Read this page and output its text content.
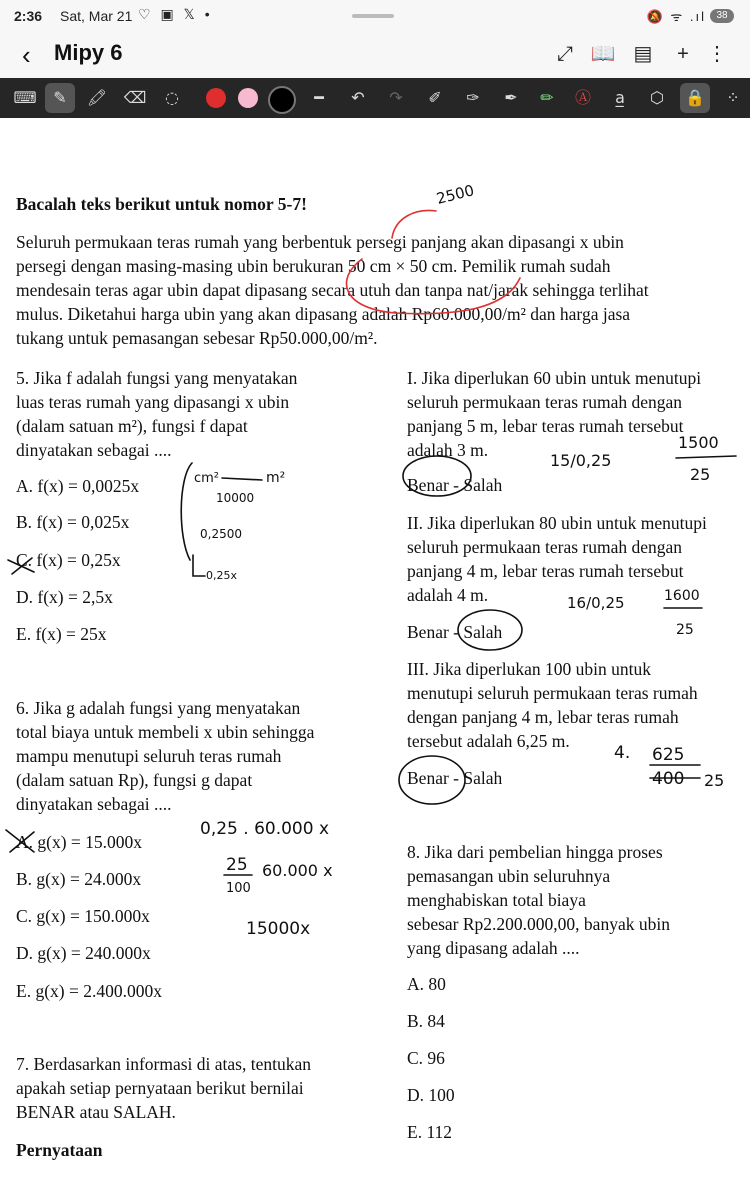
2:36 Sat, Mar 21 ♡ ▣ 𝕏 •	🔕 ᯤ .ıl	38
‹ Mipy 6	⤢ 📖 ▤	+ ⋮
⌨	✎	🖍	⌫	◌	━	↶	↷	✐	✑	✒	✏	Ⓐ	a̲	⬡	🔒	⁘
Bacalah teks berikut untuk nomor 5-7!
Seluruh permukaan teras rumah yang berbentuk persegi panjang akan dipasangi x ubin
persegi dengan masing-masing ubin berukuran 50 cm × 50 cm. Pemilik rumah sudah
mendesain teras agar ubin dapat dipasang secara utuh dan tanpa nat/jarak sehingga terlihat
mulus. Diketahui harga ubin yang akan dipasang adalah Rp60.000,00/m² dan harga jasa
tukang untuk pemasangan sebesar Rp50.000,00/m².
5. Jika f adalah fungsi yang menyatakan
luas teras rumah yang dipasangi x ubin
(dalam satuan m²), fungsi f dapat
dinyatakan sebagai ....
A. f(x) = 0,0025x
B. f(x) = 0,025x
C. f(x) = 0,25x
D. f(x) = 2,5x
E. f(x) = 25x
6. Jika g adalah fungsi yang menyatakan
total biaya untuk membeli x ubin sehingga
mampu menutupi seluruh teras rumah
(dalam satuan Rp), fungsi g dapat
dinyatakan sebagai ....
A. g(x) = 15.000x
B. g(x) = 24.000x
C. g(x) = 150.000x
D. g(x) = 240.000x
E. g(x) = 2.400.000x
7. Berdasarkan informasi di atas, tentukan
apakah setiap pernyataan berikut bernilai
BENAR atau SALAH.
Pernyataan
I. Jika diperlukan 60 ubin untuk menutupi
seluruh permukaan teras rumah dengan
panjang 5 m, lebar teras rumah tersebut
adalah 3 m.
Benar - Salah
II. Jika diperlukan 80 ubin untuk menutupi
seluruh permukaan teras rumah dengan
panjang 4 m, lebar teras rumah tersebut
adalah 4 m.
Benar - Salah
III. Jika diperlukan 100 ubin untuk
menutupi seluruh permukaan teras rumah
dengan panjang 4 m, lebar teras rumah
tersebut adalah 6,25 m.
Benar - Salah
8. Jika dari pembelian hingga proses
pemasangan ubin seluruhnya
menghabiskan total biaya
sebesar Rp2.200.000,00, banyak ubin
yang dipasang adalah ....
A. 80
B. 84
C. 96
D. 100
E. 112
2500
cm²	m²
10000
0,2500
0,25x
15/0,25
1500
25
16/0,25	1600
25
4. 625
400 25
0,25 . 60.000 x
25
100
60.000 x
15000x
